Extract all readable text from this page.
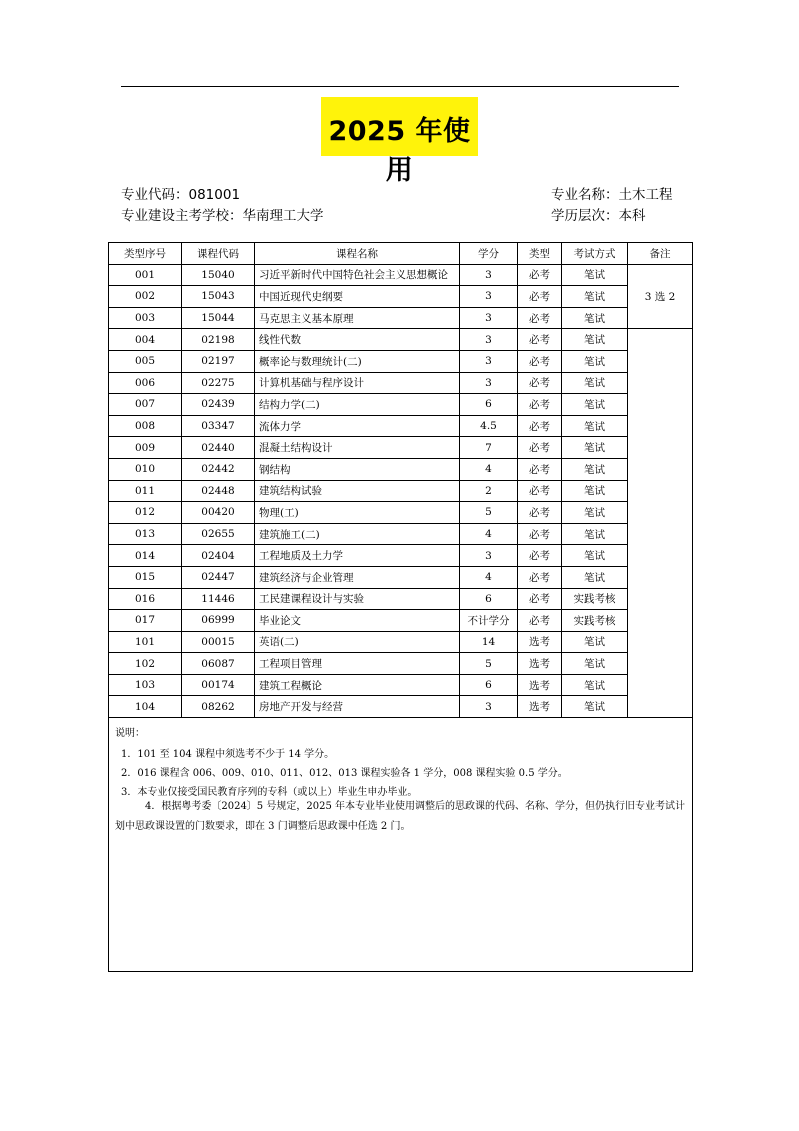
2025 年使用
专业代码：081001	专业名称：土木工程
专业建设主考学校：华南理工大学	学历层次：本科
类型序号	课程代码	课程名称	学分	类型	考试方式	备注
001	15040	习近平新时代中国特色社会主义思想概论	3	必考	笔试	3 选 2
002	15043	中国近现代史纲要	3	必考	笔试	
003	15044	马克思主义基本原理	3	必考	笔试	
004	02198	线性代数	3	必考	笔试	
005	02197	概率论与数理统计(二)	3	必考	笔试	
006	02275	计算机基础与程序设计	3	必考	笔试	
007	02439	结构力学(二)	6	必考	笔试	
008	03347	流体力学	4.5	必考	笔试	
009	02440	混凝土结构设计	7	必考	笔试	
010	02442	钢结构	4	必考	笔试	
011	02448	建筑结构试验	2	必考	笔试	
012	00420	物理(工)	5	必考	笔试	
013	02655	建筑施工(二)	4	必考	笔试	
014	02404	工程地质及土力学	3	必考	笔试	
015	02447	建筑经济与企业管理	4	必考	笔试	
016	11446	工民建课程设计与实验	6	必考	实践考核	
017	06999	毕业论文	不计学分	必考	实践考核	
101	00015	英语(二)	14	选考	笔试	
102	06087	工程项目管理	5	选考	笔试	
103	00174	建筑工程概论	6	选考	笔试	
104	08262	房地产开发与经营	3	选考	笔试	
说明：
1．101 至 104 课程中须选考不少于 14 学分。
2．016 课程含 006、009、010、011、012、013 课程实验各 1 学分，008 课程实验 0.5 学分。
3．本专业仅接受国民教育序列的专科（或以上）毕业生申办毕业。
4．根据粤考委〔2024〕5 号规定，2025 年本专业毕业使用调整后的思政课的代码、名称、学分，但仍执行旧专业考试计划中思政课设置的门数要求，即在 3 门调整后思政课中任选 2 门。
